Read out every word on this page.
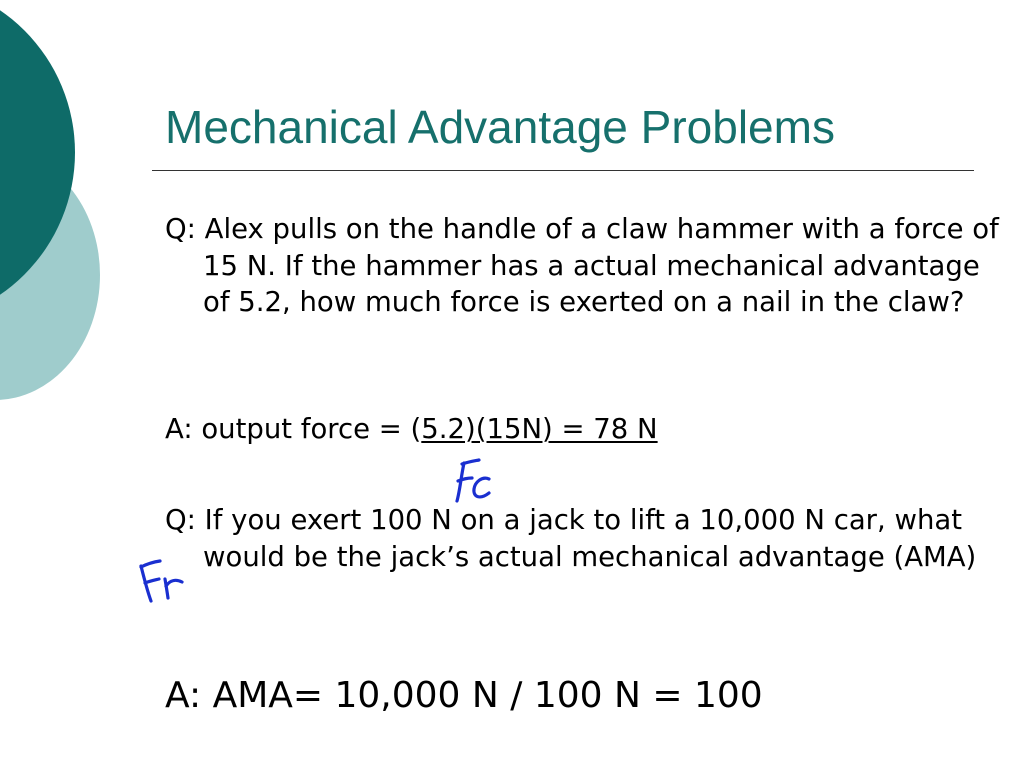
Mechanical Advantage Problems

Q: Alex pulls on the handle of a claw hammer with a force of 15 N. If the hammer has a actual mechanical advantage of 5.2, how much force is exerted on a nail in the claw?

A: output force = (5.2)(15N) = 78 N

Q: If you exert 100 N on a jack to lift a 10,000 N car, what would be the jack’s actual mechanical advantage (AMA)

A: AMA= 10,000 N / 100 N = 100
